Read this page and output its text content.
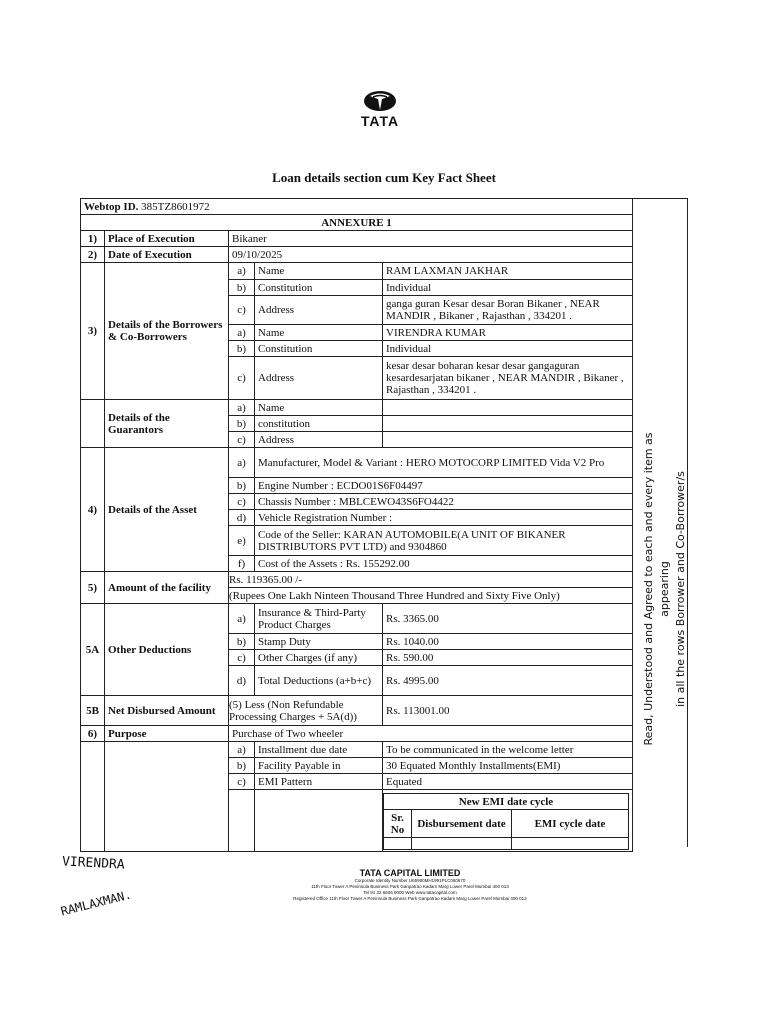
TATA
Loan details section cum Key Fact Sheet
Webtop ID. 385TZ8601972
ANNEXURE 1
1)	Place of Execution	Bikaner
2)	Date of Execution	09/10/2025
3)	Details of the Borrowers & Co-Borrowers	a)	Name	RAM LAXMAN JAKHAR
b)	Constitution	Individual
c)	Address	ganga guran Kesar desar Boran Bikaner , NEAR MANDIR , Bikaner , Rajasthan , 334201 .
a)	Name	VIRENDRA KUMAR
b)	Constitution	Individual
c)	Address	kesar desar boharan kesar desar gangaguran kesardesarjatan bikaner , NEAR MANDIR , Bikaner , Rajasthan , 334201 .
	Details of the Guarantors	a)	Name	
b)	constitution	
c)	Address	
4)	Details of the Asset	a)	Manufacturer, Model & Variant : HERO MOTOCORP LIMITED Vida V2 Pro
b)	Engine Number : ECDO01S6F04497
c)	Chassis Number : MBLCEWO43S6FO4422
d)	Vehicle Registration Number :
e)	Code of the Seller: KARAN AUTOMOBILE(A UNIT OF BIKANER DISTRIBUTORS PVT LTD) and 9304860
f)	Cost of the Assets : Rs. 155292.00
5)	Amount of the facility	Rs. 119365.00 /-
(Rupees One Lakh Ninteen Thousand Three Hundred and Sixty Five Only)
5A	Other Deductions	a)	Insurance & Third-Party Product Charges	Rs. 3365.00
b)	Stamp Duty	Rs. 1040.00
c)	Other Charges (if any)	Rs. 590.00
d)	Total Deductions (a+b+c)	Rs. 4995.00
5B	Net Disbursed Amount	(5) Less (Non Refundable Processing Charges + 5A(d))	Rs. 113001.00
6)	Purpose	Purchase of Two wheeler
		a)	Installment due date	To be communicated in the welcome letter
b)	Facility Payable in	30 Equated Monthly Installments(EMI)
c)	EMI Pattern	Equated

New EMI date cycle
Sr. No	Disbursement date	EMI cycle date

Read, Understood and Agreed to each and every item as appearing in all the rows Borrower and Co-Borrower/s
VIRENDRA
RAMLAXMAN.
TATA CAPITAL LIMITED
Corporate Identity Number U65990MH1991PLC060670
11th Floor Tower A Peninsula Business Park Ganpatrao Kadam Marg Lower Parel Mumbai 400 013
Tel 91 22 6606 9000 Web www.tatacapital.com
Registered Office 11th Floor Tower A Peninsula Business Park Ganpatrao Kadam Marg Lower Parel Mumbai 400 013
